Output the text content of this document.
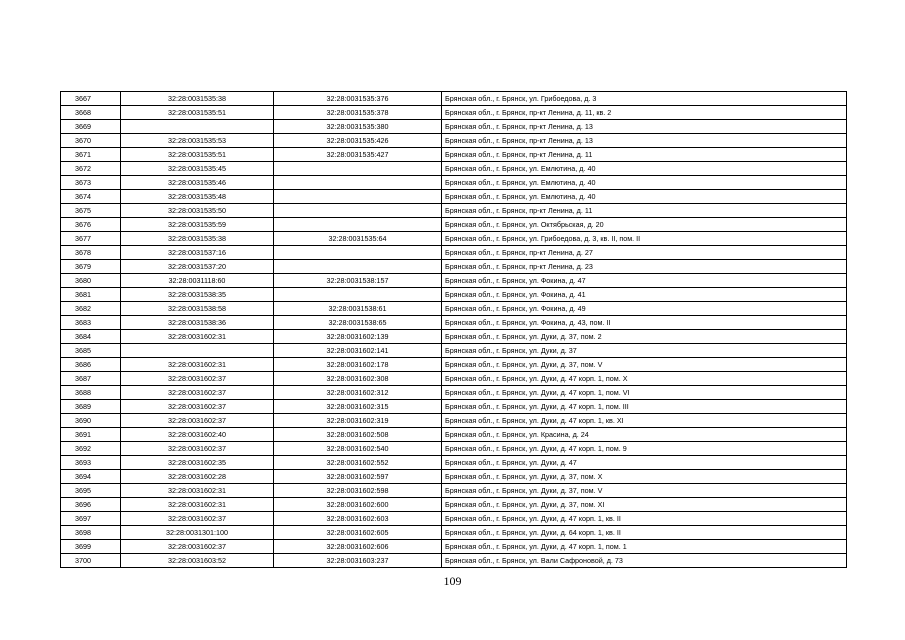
3667	32:28:0031535:38	32:28:0031535:376	Брянская обл., г. Брянск, ул. Грибоедова, д. 3
3668	32:28:0031535:51	32:28:0031535:378	Брянская обл., г. Брянск, пр-кт Ленина, д. 11, кв. 2
3669		32:28:0031535:380	Брянская обл., г. Брянск, пр-кт Ленина, д. 13
3670	32:28:0031535:53	32:28:0031535:426	Брянская обл., г. Брянск, пр-кт Ленина, д. 13
3671	32:28:0031535:51	32:28:0031535:427	Брянская обл., г. Брянск, пр-кт Ленина, д. 11
3672	32:28:0031535:45		Брянская обл., г. Брянск, ул. Емлютина, д. 40
3673	32:28:0031535:46		Брянская обл., г. Брянск, ул. Емлютина, д. 40
3674	32:28:0031535:48		Брянская обл., г. Брянск, ул. Емлютина, д. 40
3675	32:28:0031535:50		Брянская обл., г. Брянск, пр-кт Ленина, д. 11
3676	32:28:0031535:59		Брянская обл., г. Брянск, ул. Октябрьская, д. 20
3677	32:28:0031535:38	32:28:0031535:64	Брянская обл., г. Брянск, ул. Грибоедова, д. 3, кв. II, пом. II
3678	32:28:0031537:16		Брянская обл., г. Брянск, пр-кт Ленина, д. 27
3679	32:28:0031537:20		Брянская обл., г. Брянск, пр-кт Ленина, д. 23
3680	32:28:0031118:60	32:28:0031538:157	Брянская обл., г. Брянск, ул. Фокина, д. 47
3681	32:28:0031538:35		Брянская обл., г. Брянск, ул. Фокина, д. 41
3682	32:28:0031538:58	32:28:0031538:61	Брянская обл., г. Брянск, ул. Фокина, д. 49
3683	32:28:0031538:36	32:28:0031538:65	Брянская обл., г. Брянск, ул. Фокина, д. 43, пом. II
3684	32:28:0031602:31	32:28:0031602:139	Брянская обл., г. Брянск, ул. Дуки, д. 37, пом. 2
3685		32:28:0031602:141	Брянская обл., г. Брянск, ул. Дуки, д. 37
3686	32:28:0031602:31	32:28:0031602:178	Брянская обл., г. Брянск, ул. Дуки, д. 37, пом. V
3687	32:28:0031602:37	32:28:0031602:308	Брянская обл., г. Брянск, ул. Дуки, д. 47 корп. 1, пом. X
3688	32:28:0031602:37	32:28:0031602:312	Брянская обл., г. Брянск, ул. Дуки, д. 47 корп. 1, пом. VI
3689	32:28:0031602:37	32:28:0031602:315	Брянская обл., г. Брянск, ул. Дуки, д. 47 корп. 1, пом. III
3690	32:28:0031602:37	32:28:0031602:319	Брянская обл., г. Брянск, ул. Дуки, д. 47 корп. 1, кв. XI
3691	32:28:0031602:40	32:28:0031602:508	Брянская обл., г. Брянск, ул. Красина, д. 24
3692	32:28:0031602:37	32:28:0031602:540	Брянская обл., г. Брянск, ул. Дуки, д. 47 корп. 1, пом. 9
3693	32:28:0031602:35	32:28:0031602:552	Брянская обл., г. Брянск, ул. Дуки, д. 47
3694	32:28:0031602:28	32:28:0031602:597	Брянская обл., г. Брянск, ул. Дуки, д. 37, пом. X
3695	32:28:0031602:31	32:28:0031602:598	Брянская обл., г. Брянск, ул. Дуки, д. 37, пом. V
3696	32:28:0031602:31	32:28:0031602:600	Брянская обл., г. Брянск, ул. Дуки, д. 37, пом. XI
3697	32:28:0031602:37	32:28:0031602:603	Брянская обл., г. Брянск, ул. Дуки, д. 47 корп. 1, кв. II
3698	32:28:0031301:100	32:28:0031602:605	Брянская обл., г. Брянск, ул. Дуки, д. 64 корп. 1, кв. II
3699	32:28:0031602:37	32:28:0031602:606	Брянская обл., г. Брянск, ул. Дуки, д. 47 корп. 1, пом. 1
3700	32:28:0031603:52	32:28:0031603:237	Брянская обл., г. Брянск, ул. Вали Сафроновой, д. 73
109
